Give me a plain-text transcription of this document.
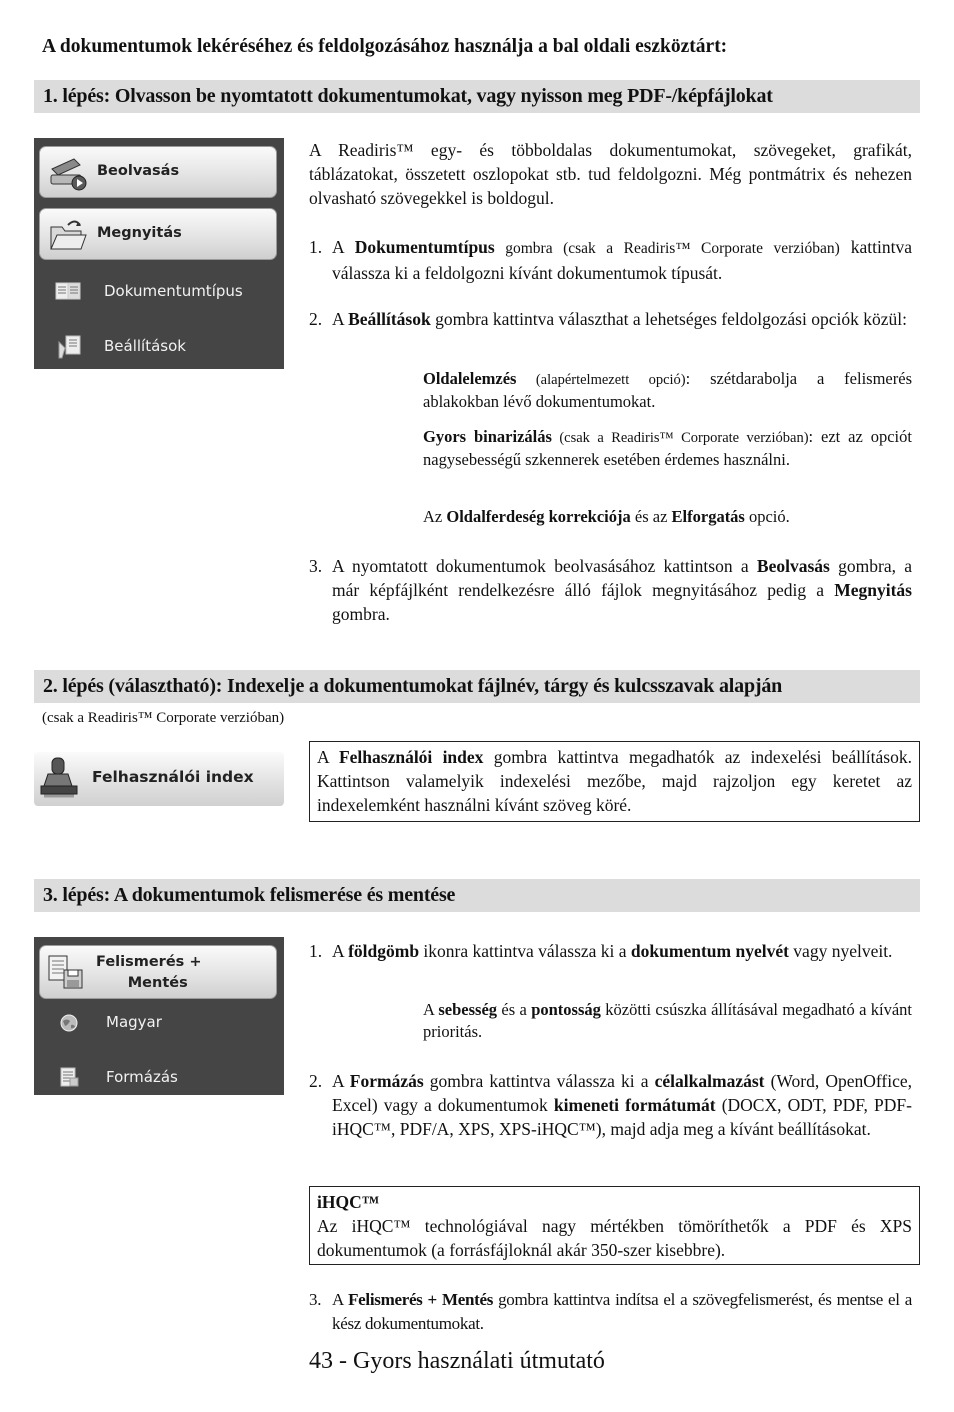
A dokumentumok lekéréséhez és feldolgozásához használja a bal oldali eszköztárt:
1. lépés: Olvasson be nyomtatott dokumentumokat, vagy nyisson meg PDF-/képfájlokat
Beolvasás
Megnyitás
Dokumentumtípus
Beállítások
A Readiris™ egy- és többoldalas dokumentumokat, szövegeket, grafikát, táblázatokat, összetett oszlopokat stb. tud feldolgozni. Még pontmátrix és nehezen olvasható szövegekkel is boldogul.
1. A Dokumentumtípus gombra (csak a Readiris™ Corporate verzióban) kattintva válassza ki a feldolgozni kívánt dokumentumok típusát.
2. A Beállítások gombra kattintva választhat a lehetséges feldolgozási opciók közül:
Oldalelemzés (alapértelmezett opció): szétdarabolja a felismerés ablakokban lévő dokumentumokat.
Gyors binarizálás (csak a Readiris™ Corporate verzióban): ezt az opciót nagysebességű szkennerek esetében érdemes használni.
Az Oldalferdeség korrekciója és az Elforgatás opció.
3. A nyomtatott dokumentumok beolvasásához kattintson a Beolvasás gombra, a már képfájlként rendelkezésre álló fájlok megnyitásához pedig a Megnyitás gombra.
2. lépés (választható): Indexelje a dokumentumokat fájlnév, tárgy és kulcsszavak alapján
(csak a Readiris™ Corporate verzióban)
Felhasználói index
A Felhasználói index gombra kattintva megadhatók az indexelési beállítások. Kattintson valamelyik indexelési mezőbe, majd rajzoljon egy keretet az indexelemként használni kívánt szöveg köré.
3. lépés: A dokumentumok felismerése és mentése
Felismerés +
Mentés
Magyar
Formázás
1. A földgömb ikonra kattintva válassza ki a dokumentum nyelvét vagy nyelveit.
A sebesség és a pontosság közötti csúszka állításával megadható a kívánt prioritás.
2. A Formázás gombra kattintva válassza ki a célalkalmazást (Word, OpenOffice, Excel) vagy a dokumentumok kimeneti formátumát (DOCX, ODT, PDF, PDF-iHQC™, PDF/A, XPS, XPS-iHQC™), majd adja meg a kívánt beállításokat.
iHQC™
Az iHQC™ technológiával nagy mértékben tömöríthetők a PDF és XPS dokumentumok (a forrásfájloknál akár 350-szer kisebbre).
3. A Felismerés + Mentés gombra kattintva indítsa el a szövegfelismerést, és mentse el a kész dokumentumokat.
43 - Gyors használati útmutató
